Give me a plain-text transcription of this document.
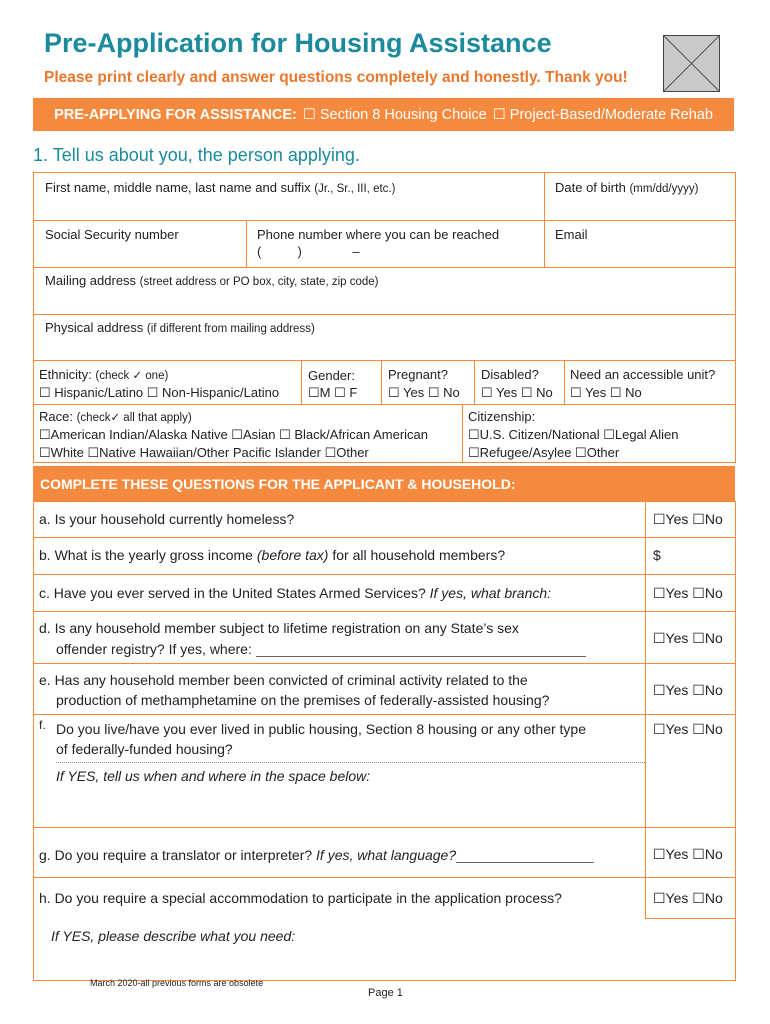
Pre-Application for Housing Assistance
Please print clearly and answer questions completely and honestly. Thank you!
PRE-APPLYING FOR ASSISTANCE: ☐ Section 8 Housing Choice ☐ Project-Based/Moderate Rehab
1. Tell us about you, the person applying.
First name, middle name, last name and suffix (Jr., Sr., III, etc.)	Date of birth (mm/dd/yyyy)
Social Security number	Phone number where you can be reached
(          )              –
Email
Mailing address (street address or PO box, city, state, zip code)
Physical address (if different from mailing address)
Ethnicity: (check ✓ one)
☐ Hispanic/Latino ☐ Non-Hispanic/Latino
Gender:
☐M ☐ F
Pregnant?
☐ Yes ☐ No
Disabled?
☐ Yes ☐ No
Need an accessible unit?
☐ Yes ☐ No
Race: (check✓ all that apply)
☐American Indian/Alaska Native ☐Asian ☐ Black/African American
☐White ☐Native Hawaiian/Other Pacific Islander ☐Other
Citizenship:
☐U.S. Citizen/National ☐Legal Alien
☐Refugee/Asylee ☐Other
COMPLETE THESE QUESTIONS FOR THE APPLICANT & HOUSEHOLD:
a. Is your household currently homeless?	☐Yes ☐No
b. What is the yearly gross income (before tax) for all household members?	$
c. Have you ever served in the United States Armed Services? If yes, what branch:	☐Yes ☐No
d. Is any household member subject to lifetime registration on any State’s sex
offender registry? If yes, where:
☐Yes ☐No
e. Has any household member been convicted of criminal activity related to the
production of methamphetamine on the premises of federally-assisted housing?
☐Yes ☐No
f. Do you live/have you ever lived in public housing, Section 8 housing or any other type
of federally-funded housing?
☐Yes ☐No
If YES, tell us when and where in the space below:
g. Do you require a translator or interpreter? If yes, what language?	☐Yes ☐No
h. Do you require a special accommodation to participate in the application process?	☐Yes ☐No
If YES, please describe what you need:
March 2020-all previous forms are obsolete
Page 1
